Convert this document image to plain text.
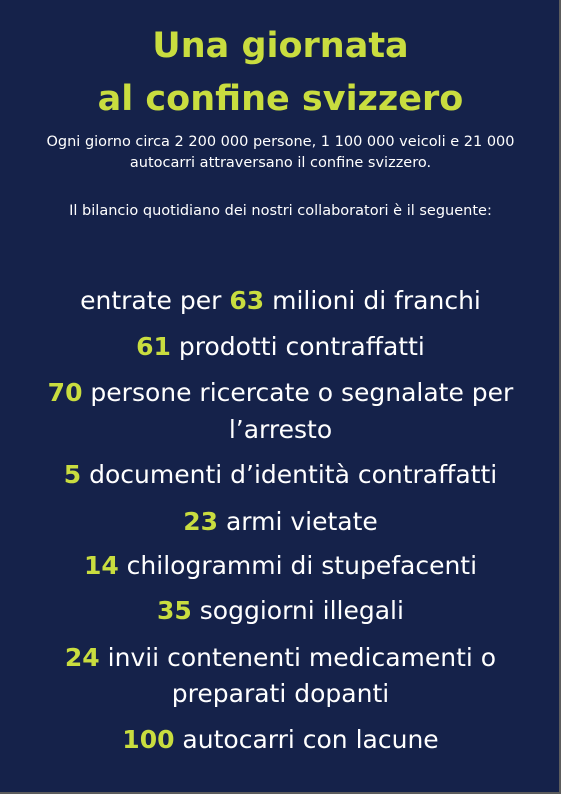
Una giornata
al confine svizzero
Ogni giorno circa 2 200 000 persone, 1 100 000 veicoli e 21 000
autocarri attraversano il confine svizzero.
Il bilancio quotidiano dei nostri collaboratori è il seguente:
entrate per 63 milioni di franchi
61 prodotti contraffatti
70 persone ricercate o segnalate per
l’arresto
5 documenti d’identità contraffatti
23 armi vietate
14 chilogrammi di stupefacenti
35 soggiorni illegali
24 invii contenenti medicamenti o
preparati dopanti
100 autocarri con lacune
